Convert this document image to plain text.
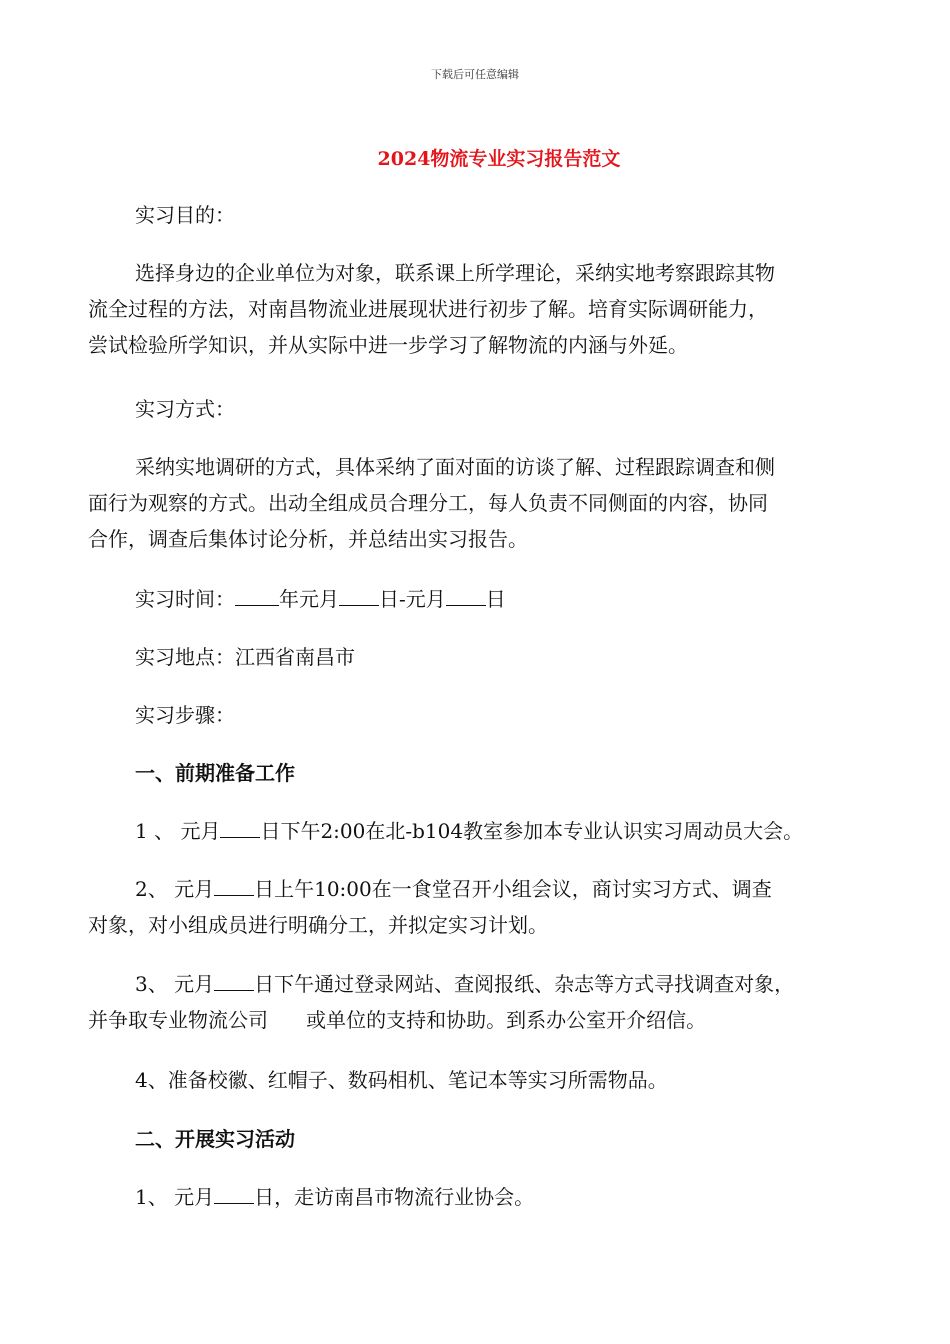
下载后可任意编辑
2024物流专业实习报告范文
实习目的：
选择身边的企业单位为对象，联系课上所学理论，采纳实地考察跟踪其物
流全过程的方法，对南昌物流业进展现状进行初步了解。培育实际调研能力，
尝试检验所学知识，并从实际中进一步学习了解物流的内涵与外延。
实习方式：
采纳实地调研的方式，具体采纳了面对面的访谈了解、过程跟踪调查和侧
面行为观察的方式。出动全组成员合理分工，每人负责不同侧面的内容，协同
合作，调查后集体讨论分析，并总结出实习报告。
实习时间： 年元月 日-元月 日
实习地点：江西省南昌市
实习步骤：
一、前期准备工作
1 、 元月 日下午2:00在北-b104教室参加本专业认识实习周动员大会。
2、 元月 日上午10:00在一食堂召开小组会议，商讨实习方式、调查
对象，对小组成员进行明确分工，并拟定实习计划。
3、 元月 日下午通过登录网站、查阅报纸、杂志等方式寻找调查对象，
并争取专业物流公司      或单位的支持和协助。到系办公室开介绍信。
4、准备校徽、红帽子、数码相机、笔记本等实习所需物品。
二、开展实习活动
1、 元月 日，走访南昌市物流行业协会。
